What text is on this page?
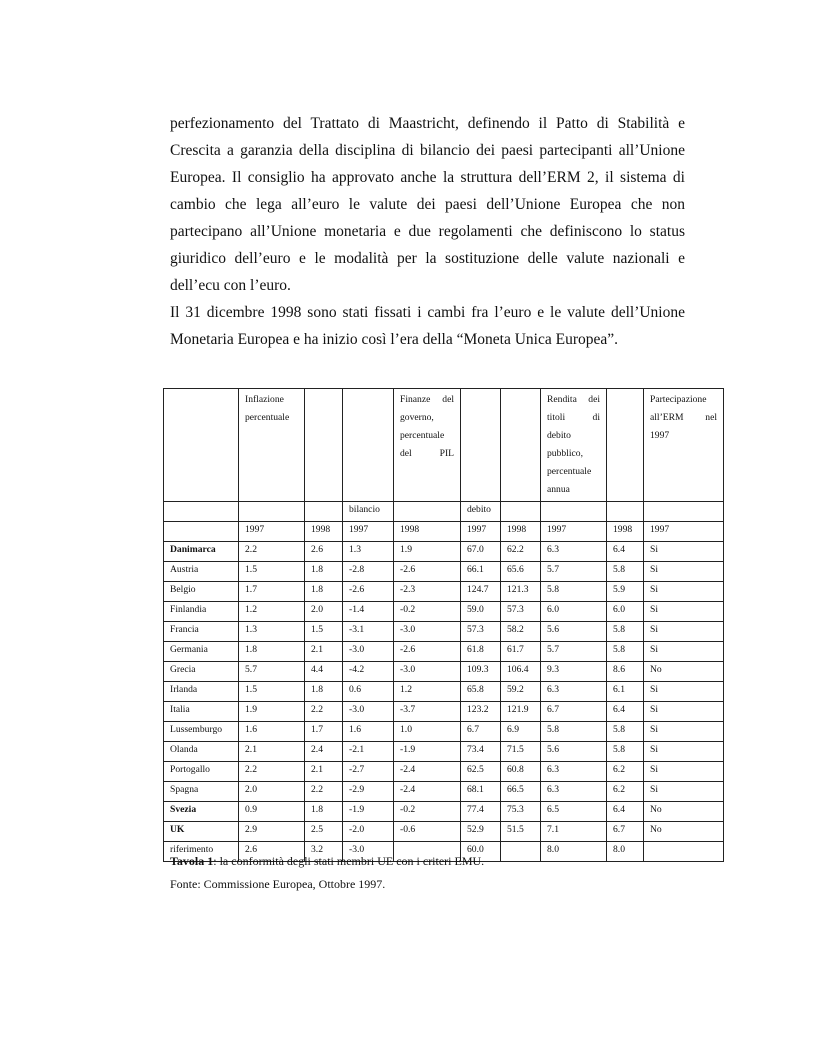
perfezionamento del Trattato di Maastricht, definendo il Patto di Stabilità e Crescita a garanzia della disciplina di bilancio dei paesi partecipanti all’Unione Europea. Il consiglio ha approvato anche la struttura dell’ERM 2, il sistema di cambio che lega all’euro le valute dei paesi dell’Unione Europea che non partecipano all’Unione monetaria e due regolamenti che definiscono lo status giuridico dell’euro e le modalità per la sostituzione delle valute nazionali e dell’ecu con l’euro.

Il 31 dicembre 1998 sono stati fissati i cambi fra l’euro e le valute dell’Unione Monetaria Europea e ha inizio così l’era della “Moneta Unica Europea”.

	Inflazione percentuale			Finanze del governo, percentuale del PIL			Rendita dei titoli di debito pubblico, percentuale annua		Partecipazione all’ERM nel 1997
			bilancio		debito				
	1997	1998	1997	1998	1997	1998	1997	1998	1997
Danimarca	2.2	2.6	1.3	1.9	67.0	62.2	6.3	6.4	Si
Austria	1.5	1.8	-2.8	-2.6	66.1	65.6	5.7	5.8	Si
Belgio	1.7	1.8	-2.6	-2.3	124.7	121.3	5.8	5.9	Si
Finlandia	1.2	2.0	-1.4	-0.2	59.0	57.3	6.0	6.0	Si
Francia	1.3	1.5	-3.1	-3.0	57.3	58.2	5.6	5.8	Si
Germania	1.8	2.1	-3.0	-2.6	61.8	61.7	5.7	5.8	Si
Grecia	5.7	4.4	-4.2	-3.0	109.3	106.4	9.3	8.6	No
Irlanda	1.5	1.8	0.6	1.2	65.8	59.2	6.3	6.1	Si
Italia	1.9	2.2	-3.0	-3.7	123.2	121.9	6.7	6.4	Si
Lussemburgo	1.6	1.7	1.6	1.0	6.7	6.9	5.8	5.8	Si
Olanda	2.1	2.4	-2.1	-1.9	73.4	71.5	5.6	5.8	Si
Portogallo	2.2	2.1	-2.7	-2.4	62.5	60.8	6.3	6.2	Si
Spagna	2.0	2.2	-2.9	-2.4	68.1	66.5	6.3	6.2	Si
Svezia	0.9	1.8	-1.9	-0.2	77.4	75.3	6.5	6.4	No
UK	2.9	2.5	-2.0	-0.6	52.9	51.5	7.1	6.7	No
riferimento	2.6	3.2	-3.0		60.0		8.0	8.0	
Tavola 1: la conformità degli stati membri UE con i criteri EMU.
Fonte: Commissione Europea, Ottobre 1997.
